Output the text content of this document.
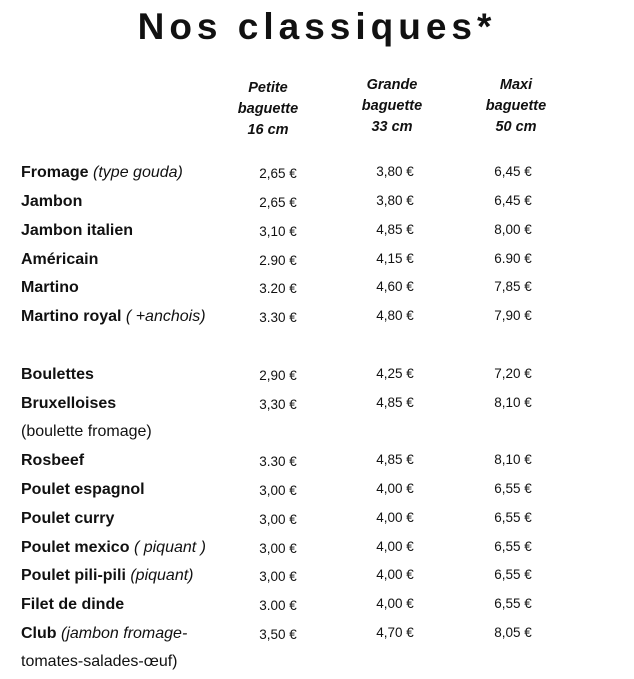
Nos classiques*
Petite
baguette
16 cm
Grande
baguette
33 cm
Maxi
baguette
50 cm
Fromage (type gouda)	2,65 €	3,80 €	6,45 €
Jambon	2,65 €	3,80 €	6,45 €
Jambon italien	3,10 €	4,85 €	8,00 €
Américain	2.90 €	4,15 €	6.90 €
Martino	3.20 €	4,60 €	7,85 €
Martino royal ( +anchois)	3.30 €	4,80 €	7,90 €
Boulettes	2,90 €	4,25 €	7,20 €
Bruxelloises
(boulette fromage)
3,30 €	4,85 €	8,10 €
Rosbeef	3.30 €	4,85 €	8,10 €
Poulet espagnol	3,00 €	4,00 €	6,55 €
Poulet curry	3,00 €	4,00 €	6,55 €
Poulet mexico ( piquant )	3,00 €	4,00 €	6,55 €
Poulet pili-pili (piquant)	3,00 €	4,00 €	6,55 €
Filet de dinde	3.00 €	4,00 €	6,55 €
Club (jambon fromage-
tomates-salades-œuf)
3,50 €	4,70 €	8,05 €
